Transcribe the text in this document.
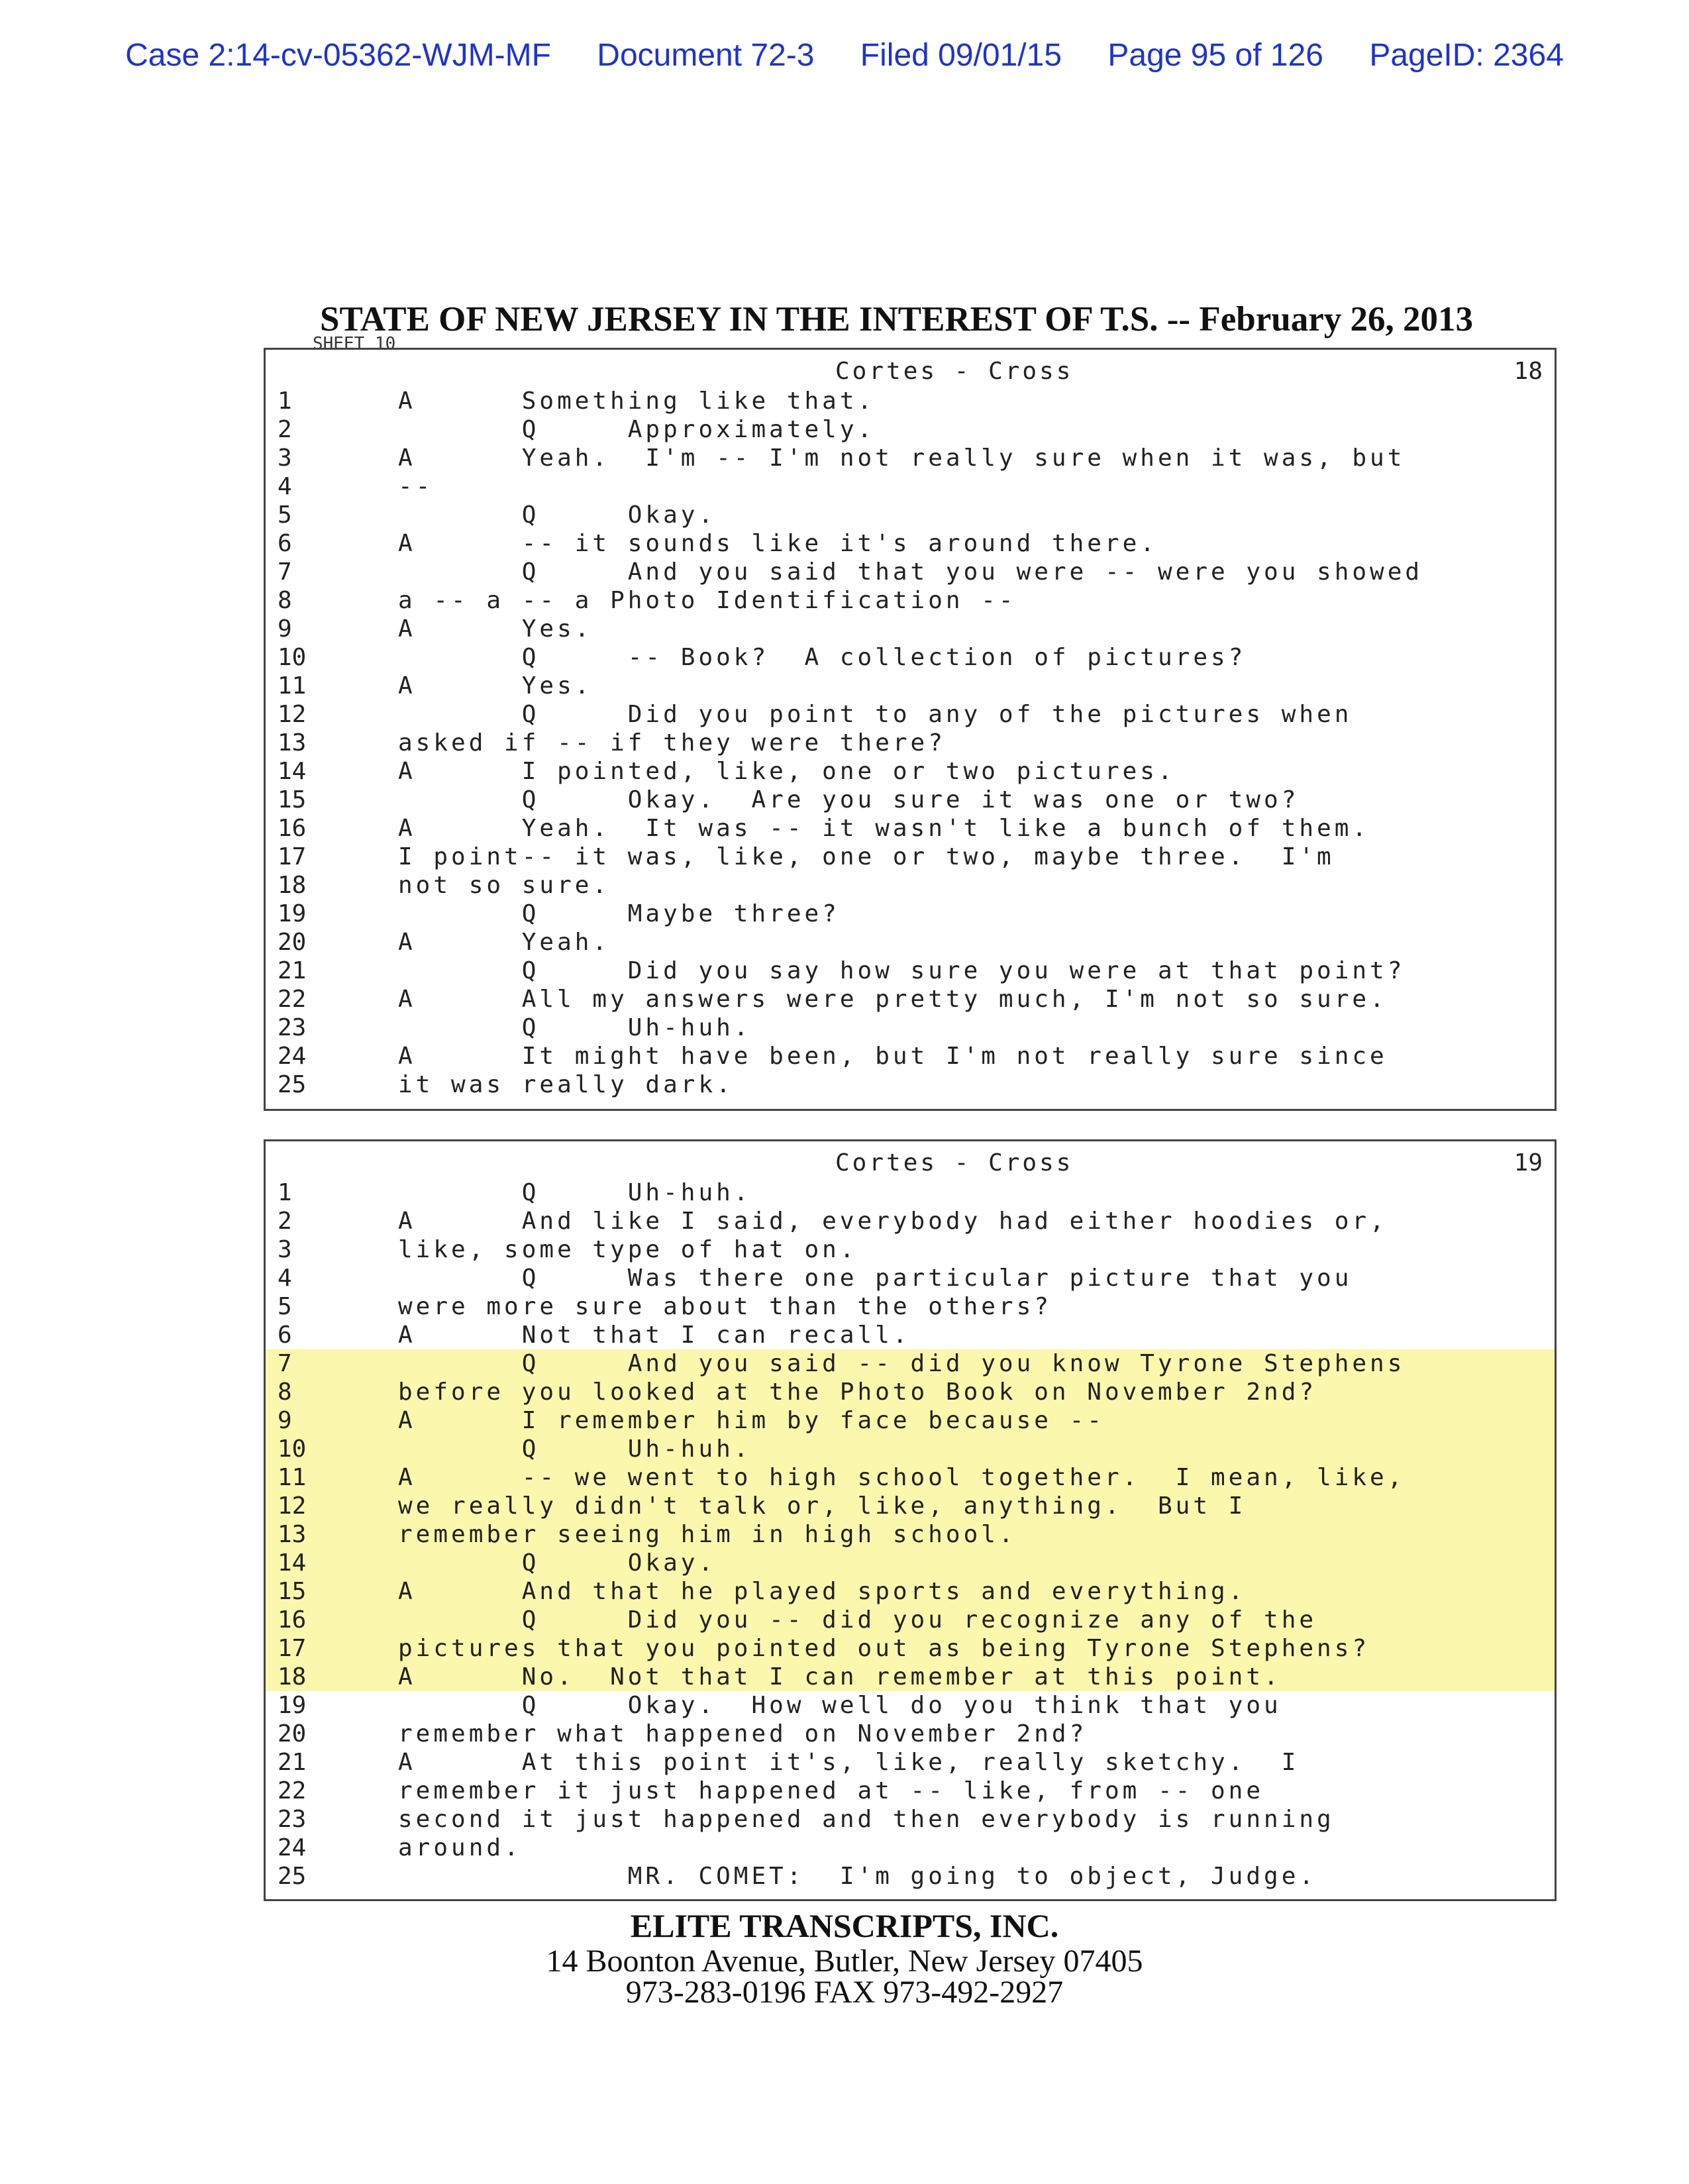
Case 2:14-cv-05362-WJM-MF Document 72-3 Filed 09/01/15 Page 95 of 126 PageID: 2364
STATE OF NEW JERSEY IN THE INTEREST OF T.S. -- February 26, 2013
SHEET 10
Cortes - Cross	18
1	A      Something like that.
2	Q     Approximately.
3	A      Yeah.  I'm -- I'm not really sure when it was, but
4	--
5	Q     Okay.
6	A      -- it sounds like it's around there.
7	Q     And you said that you were -- were you showed
8	a -- a -- a Photo Identification --
9	A      Yes.
10	Q     -- Book?  A collection of pictures?
11	A      Yes.
12	Q     Did you point to any of the pictures when
13	asked if -- if they were there?
14	A      I pointed, like, one or two pictures.
15	Q     Okay.  Are you sure it was one or two?
16	A      Yeah.  It was -- it wasn't like a bunch of them.
17	I point-- it was, like, one or two, maybe three.  I'm
18	not so sure.
19	Q     Maybe three?
20	A      Yeah.
21	Q     Did you say how sure you were at that point?
22	A      All my answers were pretty much, I'm not so sure.
23	Q     Uh-huh.
24	A      It might have been, but I'm not really sure since
25	it was really dark.
Cortes - Cross	19
1	Q     Uh-huh.
2	A      And like I said, everybody had either hoodies or,
3	like, some type of hat on.
4	Q     Was there one particular picture that you
5	were more sure about than the others?
6	A      Not that I can recall.
7	Q     And you said -- did you know Tyrone Stephens
8	before you looked at the Photo Book on November 2nd?
9	A      I remember him by face because --
10	Q     Uh-huh.
11	A      -- we went to high school together.  I mean, like,
12	we really didn't talk or, like, anything.  But I
13	remember seeing him in high school.
14	Q     Okay.
15	A      And that he played sports and everything.
16	Q     Did you -- did you recognize any of the
17	pictures that you pointed out as being Tyrone Stephens?
18	A      No.  Not that I can remember at this point.
19	Q     Okay.  How well do you think that you
20	remember what happened on November 2nd?
21	A      At this point it's, like, really sketchy.  I
22	remember it just happened at -- like, from -- one
23	second it just happened and then everybody is running
24	around.
25	MR. COMET:  I'm going to object, Judge.
ELITE TRANSCRIPTS, INC.
14 Boonton Avenue, Butler, New Jersey 07405
973-283-0196 FAX 973-492-2927
